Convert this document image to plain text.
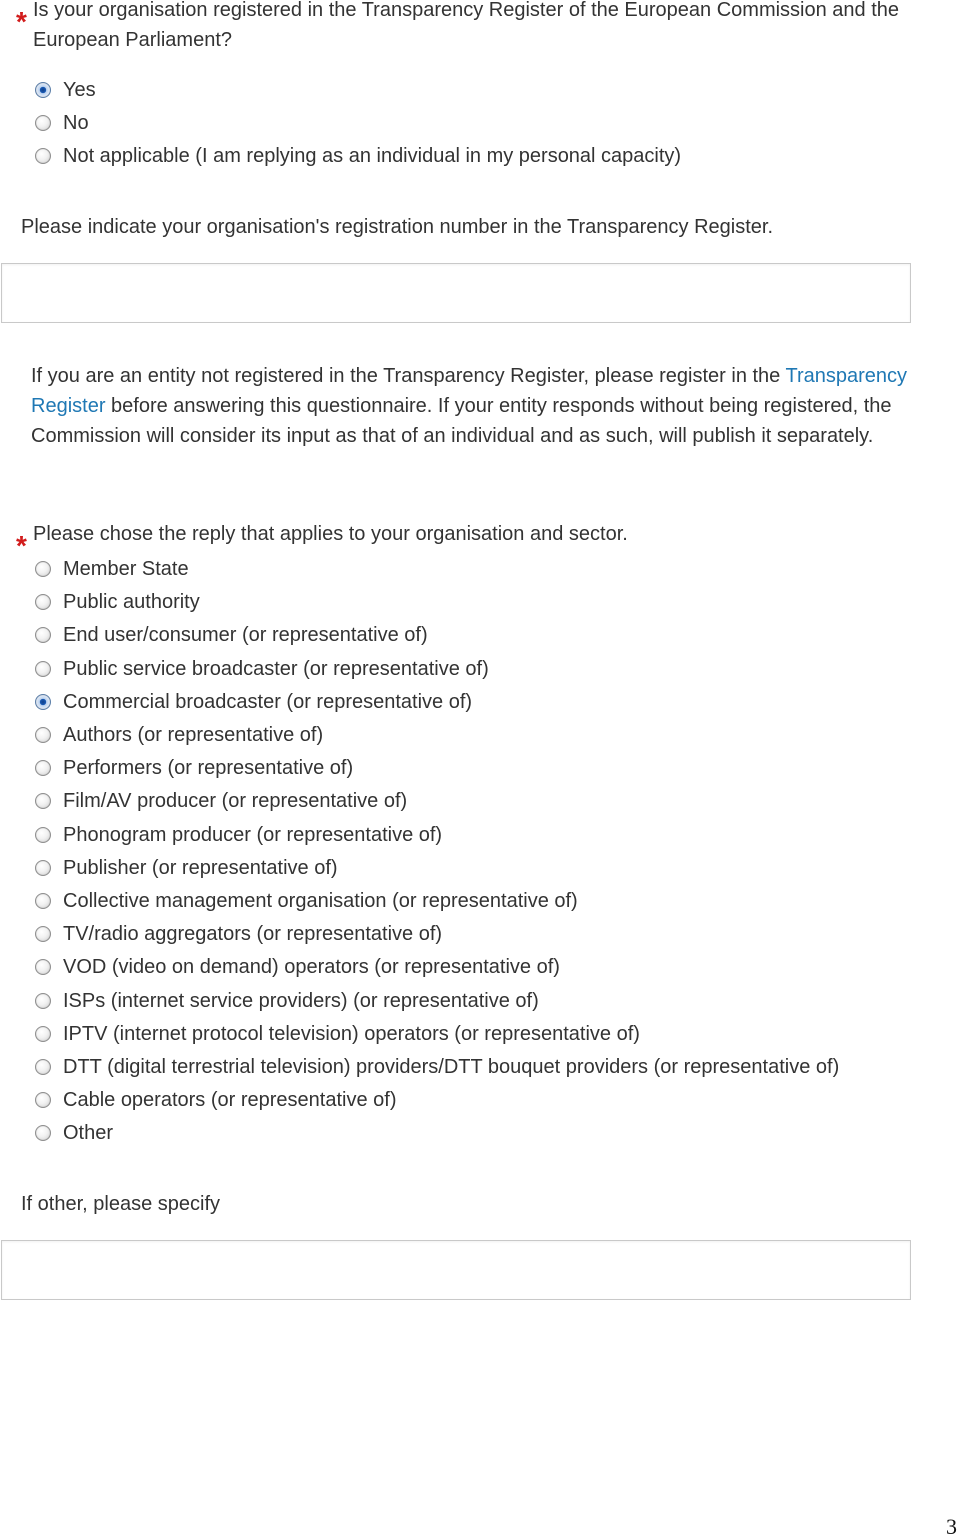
* Is your organisation registered in the Transparency Register of the European Commission and the European Parliament?
Yes
No
Not applicable (I am replying as an individual in my personal capacity)
Please indicate your organisation's registration number in the Transparency Register.
If you are an entity not registered in the Transparency Register, please register in the Transparency Register before answering this questionnaire. If your entity responds without being registered, the Commission will consider its input as that of an individual and as such, will publish it separately.
* Please chose the reply that applies to your organisation and sector.
Member State
Public authority
End user/consumer (or representative of)
Public service broadcaster (or representative of)
Commercial broadcaster (or representative of)
Authors (or representative of)
Performers (or representative of)
Film/AV producer (or representative of)
Phonogram producer (or representative of)
Publisher (or representative of)
Collective management organisation (or representative of)
TV/radio aggregators (or representative of)
VOD (video on demand) operators (or representative of)
ISPs (internet service providers) (or representative of)
IPTV (internet protocol television) operators (or representative of)
DTT (digital terrestrial television) providers/DTT bouquet providers (or representative of)
Cable operators (or representative of)
Other
If other, please specify
3
